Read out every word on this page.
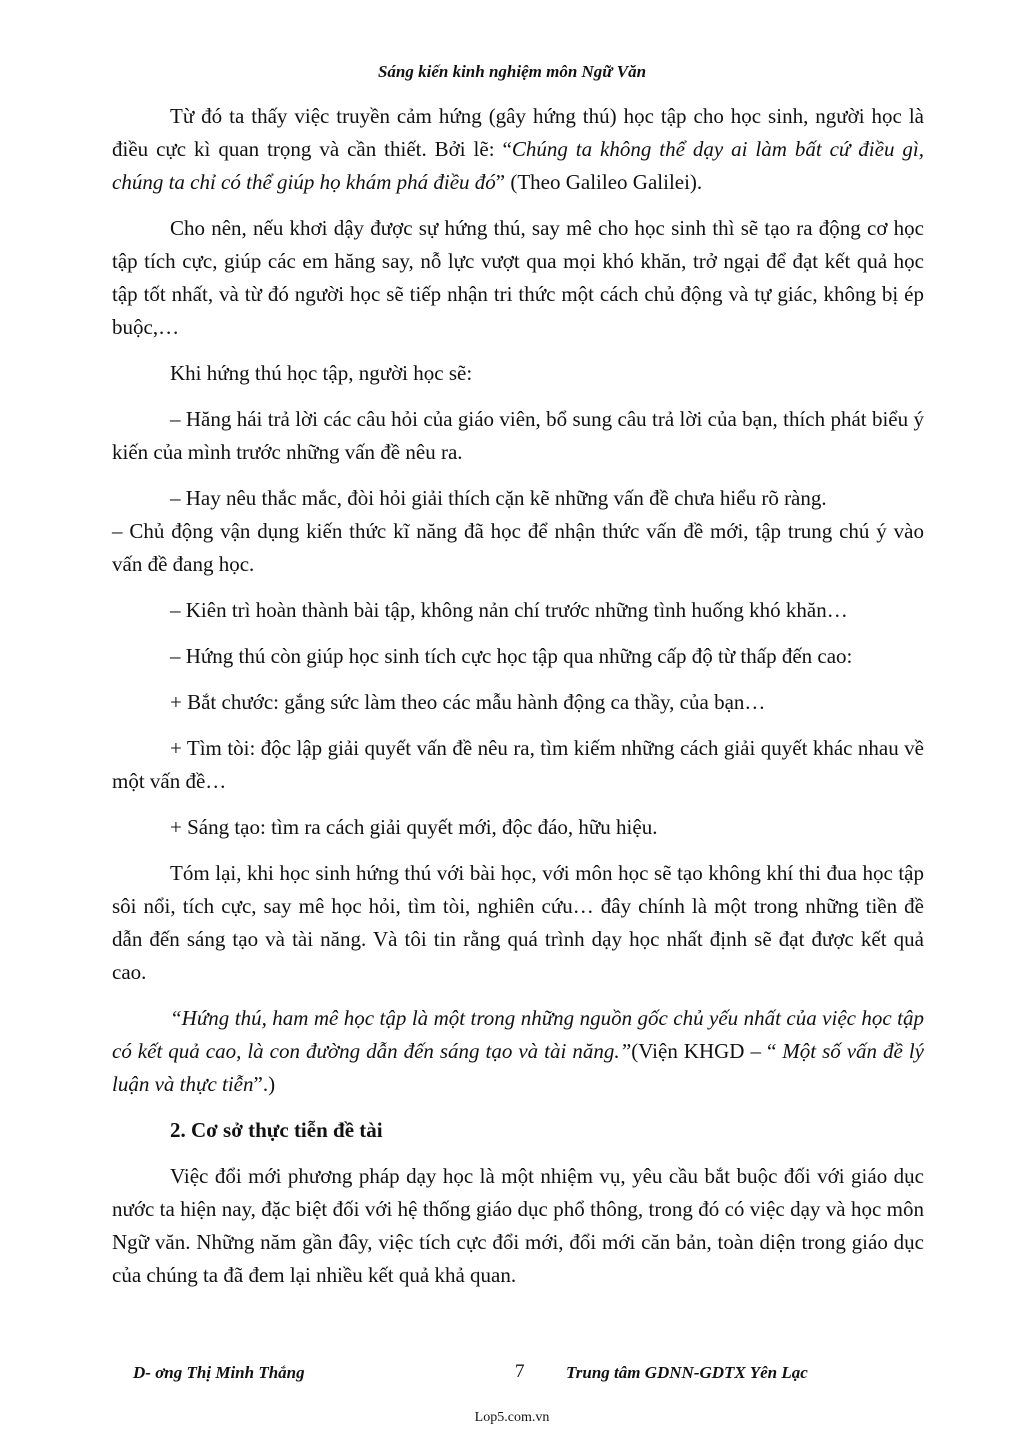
Sáng kiến kinh nghiệm môn Ngữ Văn

Từ đó ta thấy việc truyền cảm hứng (gây hứng thú) học tập cho học sinh, người học là điều cực kì quan trọng và cần thiết. Bởi lẽ: “Chúng ta không thể dạy ai làm bất cứ điều gì, chúng ta chỉ có thể giúp họ khám phá điều đó” (Theo Galileo Galilei).

Cho nên, nếu khơi dậy được sự hứng thú, say mê cho học sinh thì sẽ tạo ra động cơ học tập tích cực, giúp các em hăng say, nỗ lực vượt qua mọi khó khăn, trở ngại để đạt kết quả học tập tốt nhất, và từ đó người học sẽ tiếp nhận tri thức một cách chủ động và tự giác, không bị ép buộc,…

Khi hứng thú học tập, người học sẽ:

– Hăng hái trả lời các câu hỏi của giáo viên, bổ sung câu trả lời của bạn, thích phát biểu ý kiến của mình trước những vấn đề nêu ra.

– Hay nêu thắc mắc, đòi hỏi giải thích cặn kẽ những vấn đề chưa hiểu rõ ràng.

– Chủ động vận dụng kiến thức kĩ năng đã học để nhận thức vấn đề mới, tập trung chú ý vào vấn đề đang học.

– Kiên trì hoàn thành bài tập, không nản chí trước những tình huống khó khăn…

– Hứng thú còn giúp học sinh tích cực học tập qua những cấp độ từ thấp đến cao:

+ Bắt chước: gắng sức làm theo các mẫu hành động ca thầy, của bạn…

+ Tìm tòi: độc lập giải quyết vấn đề nêu ra, tìm kiếm những cách giải quyết khác nhau về một vấn đề…

+ Sáng tạo: tìm ra cách giải quyết mới, độc đáo, hữu hiệu.

Tóm lại, khi học sinh hứng thú với bài học, với môn học sẽ tạo không khí thi đua học tập sôi nổi, tích cực, say mê học hỏi, tìm tòi, nghiên cứu… đây chính là một trong những tiền đề dẫn đến sáng tạo và tài năng. Và tôi tin rằng quá trình dạy học nhất định sẽ đạt được kết quả cao.

“Hứng thú, ham mê học tập là một trong những nguồn gốc chủ yếu nhất của việc học tập có kết quả cao, là con đường dẫn đến sáng tạo và tài năng.”(Viện KHGD – “ Một số vấn đề lý luận và thực tiễn”.)

2. Cơ sở thực tiễn đề tài

Việc đổi mới phương pháp dạy học là một nhiệm vụ, yêu cầu bắt buộc đối với giáo dục nước ta hiện nay, đặc biệt đối với hệ thống giáo dục phổ thông, trong đó có việc dạy và học môn Ngữ văn. Những năm gần đây, việc tích cực đổi mới, đổi mới căn bản, toàn diện trong giáo dục của chúng ta đã đem lại nhiều kết quả khả quan.

D- ơng Thị Minh Thắng	7 Trung tâm GDNN-GDTX Yên Lạc
Lop5.com.vn
